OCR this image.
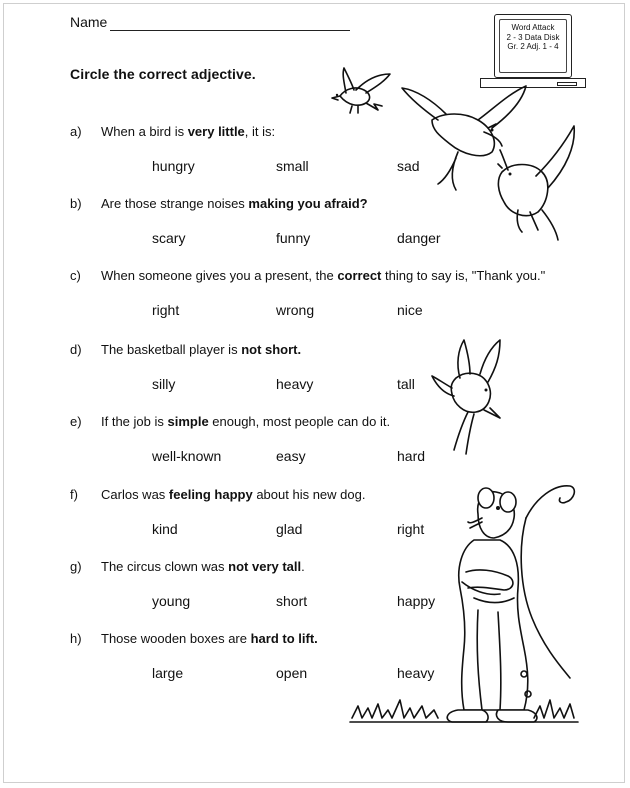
Name
Circle the correct adjective.
Word Attack
2 - 3 Data Disk
Gr. 2 Adj. 1 - 4
a) When a bird is very little, it is:
hungry	small	sad
b) Are those strange noises making you afraid?
scary	funny	danger
c) When someone gives you a present, the correct thing to say is, "Thank you."
right	wrong	nice
d) The basketball player is not short.
silly	heavy	tall
e) If the job is simple enough, most people can do it.
well-known	easy	hard
f) Carlos was feeling happy about his new dog.
kind	glad	right
g) The circus clown was not very tall.
young	short	happy
h) Those wooden boxes are hard to lift.
large	open	heavy
